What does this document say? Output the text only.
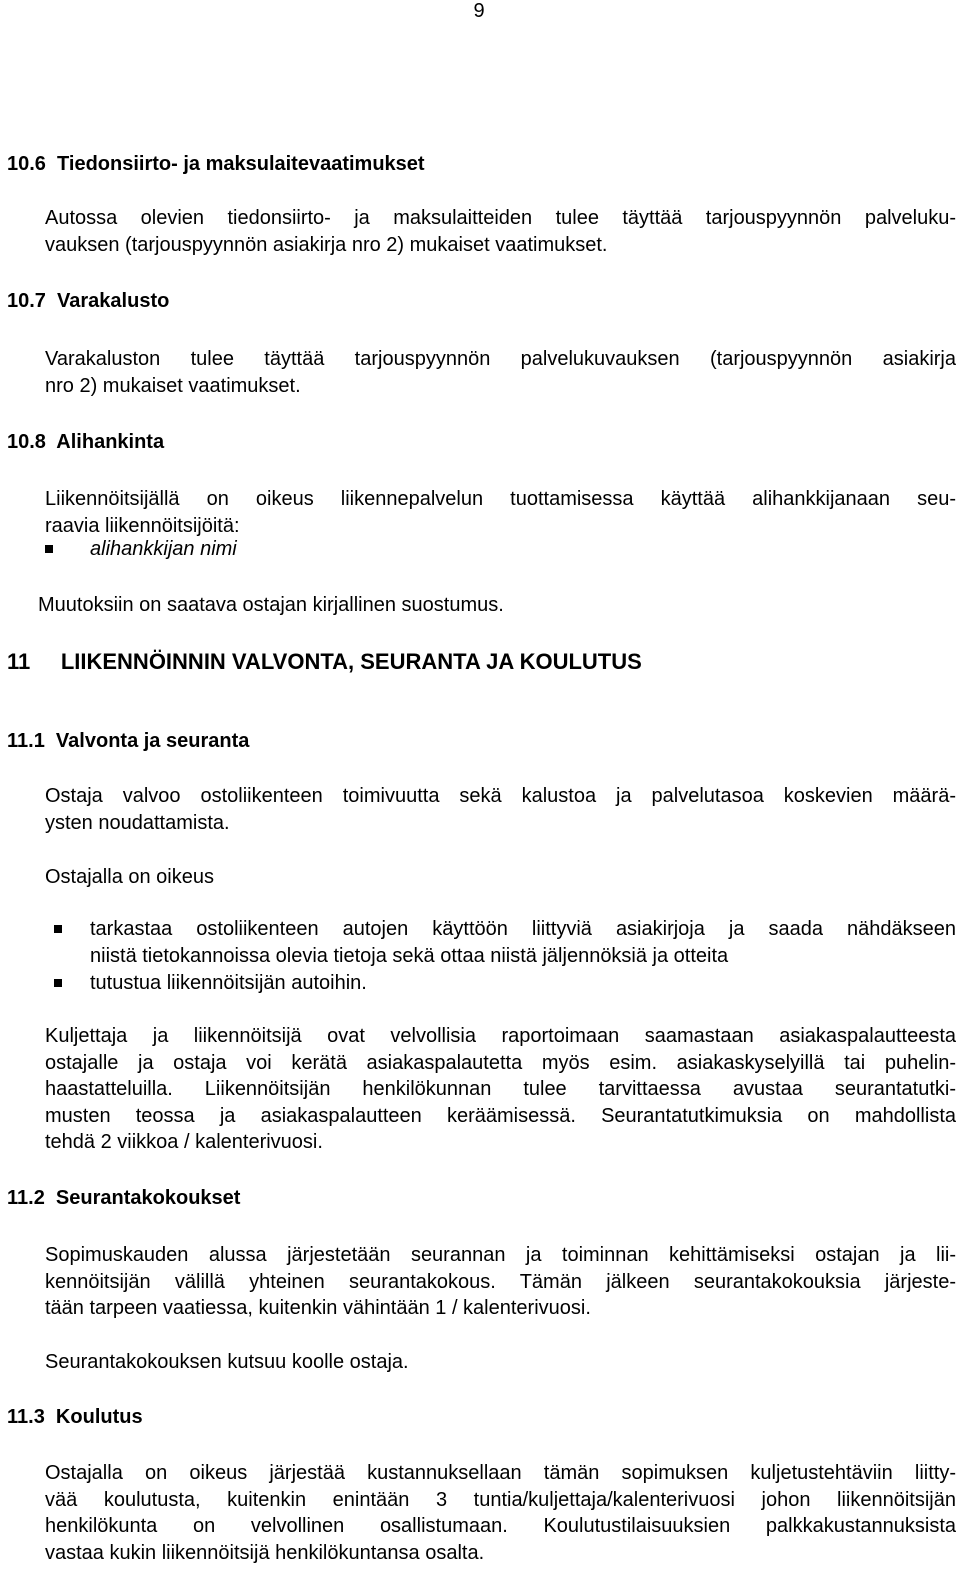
9
10.6  Tiedonsiirto- ja maksulaitevaatimukset
Autossa olevien tiedonsiirto- ja maksulaitteiden tulee täyttää tarjouspyynnön palveluku-
vauksen (tarjouspyynnön asiakirja nro 2) mukaiset vaatimukset.
10.7  Varakalusto
Varakaluston tulee täyttää tarjouspyynnön palvelukuvauksen (tarjouspyynnön asiakirja
nro 2) mukaiset vaatimukset.
10.8  Alihankinta
Liikennöitsijällä on oikeus liikennepalvelun tuottamisessa käyttää alihankkijanaan seu-
raavia liikennöitsijöitä:
alihankkijan nimi
Muutoksiin on saatava ostajan kirjallinen suostumus.
11     LIIKENNÖINNIN VALVONTA, SEURANTA JA KOULUTUS
11.1  Valvonta ja seuranta
Ostaja valvoo ostoliikenteen toimivuutta sekä kalustoa ja palvelutasoa koskevien määrä-
ysten noudattamista.
Ostajalla on oikeus
tarkastaa ostoliikenteen autojen käyttöön liittyviä asiakirjoja ja saada nähdäkseen
niistä tietokannoissa olevia tietoja sekä ottaa niistä jäljennöksiä ja otteita
tutustua liikennöitsijän autoihin.
Kuljettaja ja liikennöitsijä ovat velvollisia raportoimaan saamastaan asiakaspalautteesta
ostajalle ja ostaja voi kerätä asiakaspalautetta myös esim. asiakaskyselyillä tai puhelin-
haastatteluilla. Liikennöitsijän henkilökunnan tulee tarvittaessa avustaa seurantatutki-
musten teossa ja asiakaspalautteen keräämisessä. Seurantatutkimuksia on mahdollista
tehdä 2 viikkoa / kalenterivuosi.
11.2  Seurantakokoukset
Sopimuskauden alussa järjestetään seurannan ja toiminnan kehittämiseksi ostajan ja lii-
kennöitsijän välillä yhteinen seurantakokous. Tämän jälkeen seurantakokouksia järjeste-
tään tarpeen vaatiessa, kuitenkin vähintään 1 / kalenterivuosi.
Seurantakokouksen kutsuu koolle ostaja.
11.3  Koulutus
Ostajalla on oikeus järjestää kustannuksellaan tämän sopimuksen kuljetustehtäviin liitty-
vää koulutusta, kuitenkin enintään 3 tuntia/kuljettaja/kalenterivuosi johon liikennöitsijän
henkilökunta on velvollinen osallistumaan. Koulutustilaisuuksien palkkakustannuksista
vastaa kukin liikennöitsijä henkilökuntansa osalta.
